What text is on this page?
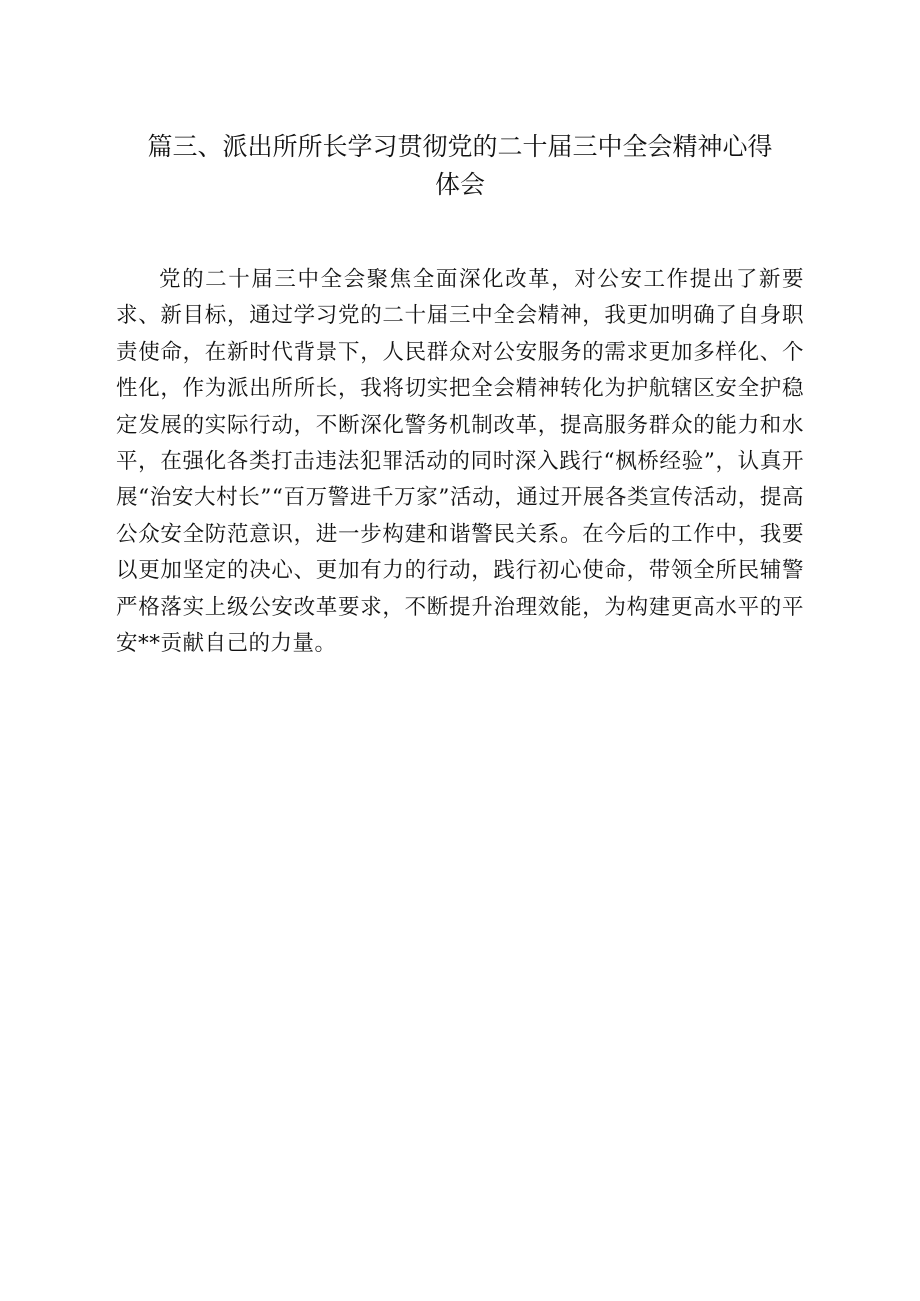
篇三、派出所所长学习贯彻党的二十届三中全会精神心得
体会

党的二十届三中全会聚焦全面深化改革，对公安工作提出了新要求、新目标，通过学习党的二十届三中全会精神，我更加明确了自身职责使命，在新时代背景下，人民群众对公安服务的需求更加多样化、个性化，作为派出所所长，我将切实把全会精神转化为护航辖区安全护稳定发展的实际行动，不断深化警务机制改革，提高服务群众的能力和水平，在强化各类打击违法犯罪活动的同时深入践行“枫桥经验”，认真开展“治安大村长”“百万警进千万家”活动，通过开展各类宣传活动，提高公众安全防范意识，进一步构建和谐警民关系。在今后的工作中，我要以更加坚定的决心、更加有力的行动，践行初心使命，带领全所民辅警严格落实上级公安改革要求，不断提升治理效能，为构建更高水平的平安**贡献自己的力量。
